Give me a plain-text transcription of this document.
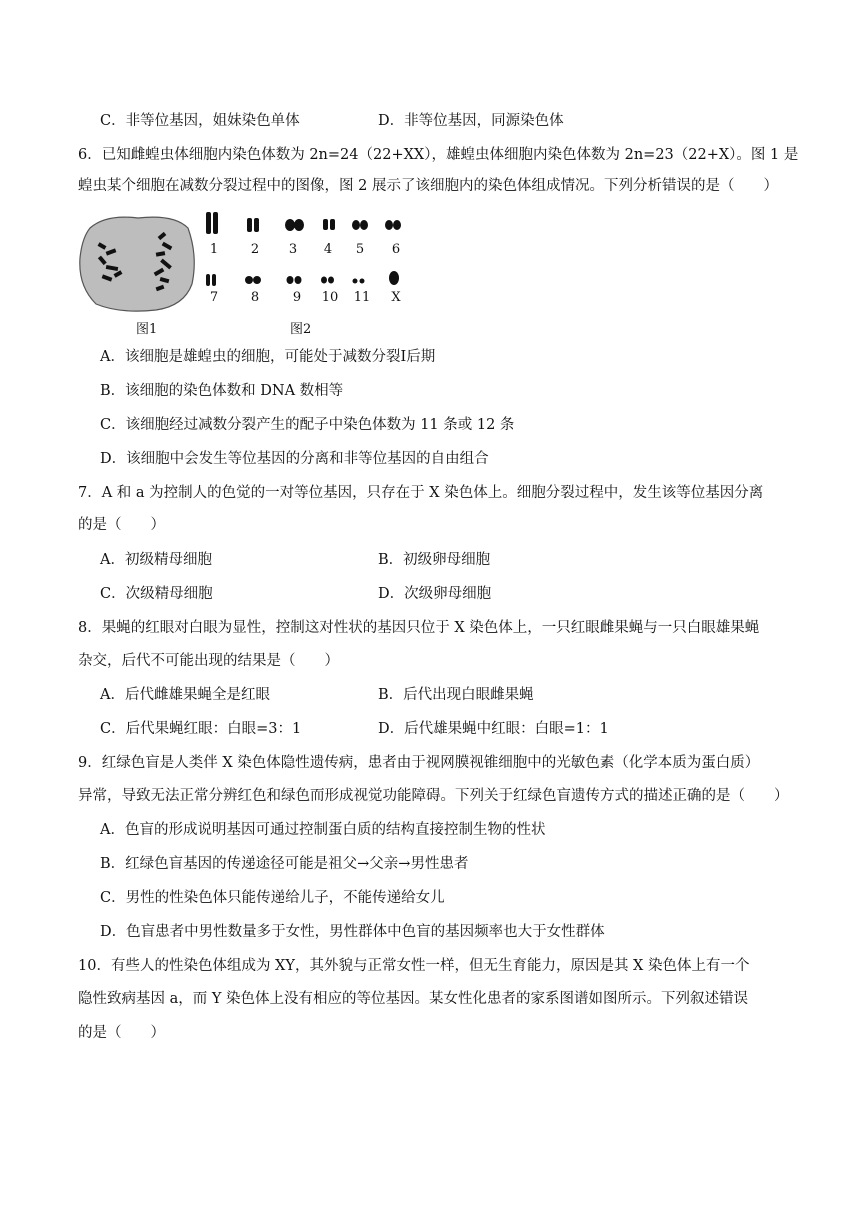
C．非等位基因，姐妹染色单体	D．非等位基因，同源染色体
6．已知雌蝗虫体细胞内染色体数为 2n=24（22+XX），雄蝗虫体细胞内染色体数为 2n=23（22+X）。图 1 是
蝗虫某个细胞在减数分裂过程中的图像，图 2 展示了该细胞内的染色体组成情况。下列分析错误的是（　　）
图1
1	2	3	4	5	6
7	8	9	10 11	X
图2
A．该细胞是雄蝗虫的细胞，可能处于减数分裂Ⅰ后期
B．该细胞的染色体数和 DNA 数相等
C．该细胞经过减数分裂产生的配子中染色体数为 11 条或 12 条
D．该细胞中会发生等位基因的分离和非等位基因的自由组合
7．A 和 a 为控制人的色觉的一对等位基因，只存在于 X 染色体上。细胞分裂过程中，发生该等位基因分离
的是（　　）
A．初级精母细胞	B．初级卵母细胞
C．次级精母细胞	D．次级卵母细胞
8．果蝇的红眼对白眼为显性，控制这对性状的基因只位于 X 染色体上，一只红眼雌果蝇与一只白眼雄果蝇
杂交，后代不可能出现的结果是（　　）
A．后代雌雄果蝇全是红眼	B．后代出现白眼雌果蝇
C．后代果蝇红眼：白眼=3：1	D．后代雄果蝇中红眼：白眼=1：1
9．红绿色盲是人类伴 X 染色体隐性遗传病，患者由于视网膜视锥细胞中的光敏色素（化学本质为蛋白质）
异常，导致无法正常分辨红色和绿色而形成视觉功能障碍。下列关于红绿色盲遗传方式的描述正确的是（　　）
A．色盲的形成说明基因可通过控制蛋白质的结构直接控制生物的性状
B．红绿色盲基因的传递途径可能是祖父→父亲→男性患者
C．男性的性染色体只能传递给儿子，不能传递给女儿
D．色盲患者中男性数量多于女性，男性群体中色盲的基因频率也大于女性群体
10．有些人的性染色体组成为 XY，其外貌与正常女性一样，但无生育能力，原因是其 X 染色体上有一个
隐性致病基因 a，而 Y 染色体上没有相应的等位基因。某女性化患者的家系图谱如图所示。下列叙述错误
的是（　　）
